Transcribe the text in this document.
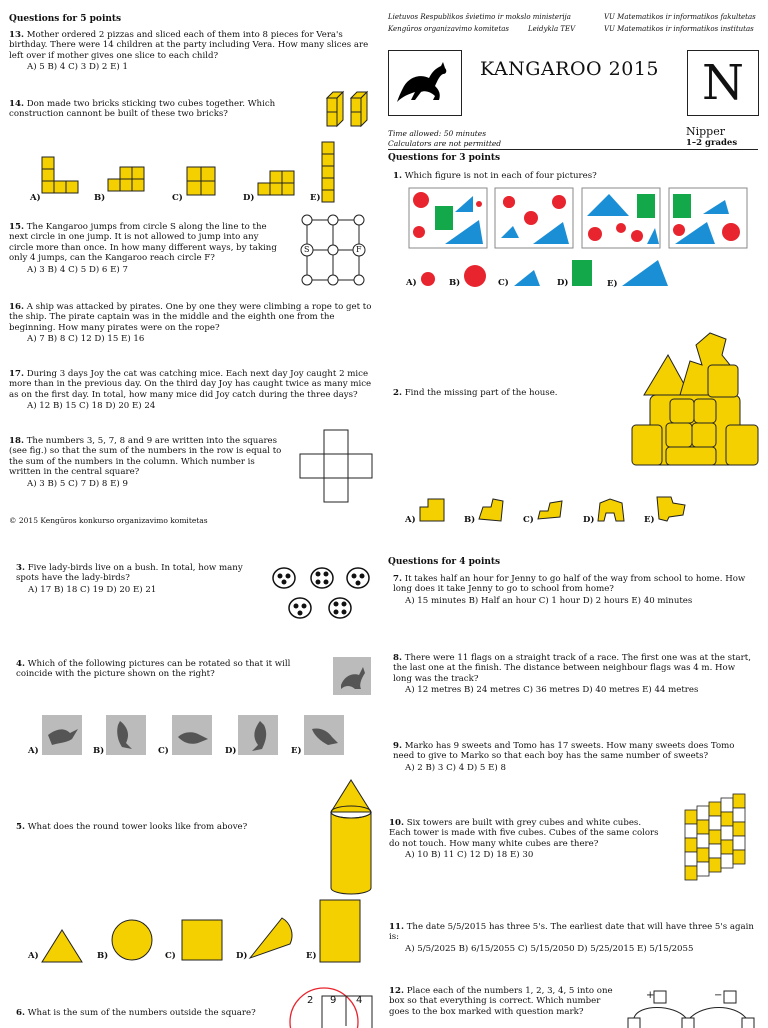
Questions for 5 points
13. Mother ordered 2 pizzas and sliced each of them into 8 pieces for Vera's birthday. There were 14 children at the party including Vera. How many slices are left over if mother gives one slice to each child?
A) 5 B) 4 C) 3 D) 2 E) 1
14. Don made two bricks sticking two cubes together. Which construction cannont be built of these two bricks?
A)	B)	C)	D)	E)
15. The Kangaroo jumps from circle S along the line to the next circle in one jump. It is not allowed to jump into any circle more than once. In how many different ways, by taking only 4 jumps, can the Kangaroo reach circle F?
A) 3 B) 4 C) 5 D) 6 E) 7
S	F
16. A ship was attacked by pirates. One by one they were climbing a rope to get to the ship. The pirate captain was in the middle and the eighth one from the beginning. How many pirates were on the rope?
A) 7 B) 8 C) 12 D) 15 E) 16
17. During 3 days Joy the cat was catching mice. Each next day Joy caught 2 mice more than in the previous day. On the third day Joy has caught twice as many mice as on the first day. In total, how many mice did Joy catch during the three days?
A) 12 B) 15 C) 18 D) 20 E) 24
18. The numbers 3, 5, 7, 8 and 9 are written into the squares (see fig.) so that the sum of the numbers in the row is equal to the sum of the numbers in the column. Which number is written in the central square?
A) 3 B) 5 C) 7 D) 8 E) 9
© 2015 Kengūros konkurso organizavimo komitetas
Lietuvos Respublikos švietimo ir mokslo ministerija
Kengūros organizavimo komitetas	Leidykla TEV
VU Matematikos ir informatikos fakultetas
VU Matematikos ir informatikos institutas
KANGAROO 2015 N
Time allowed: 50 minutes
Calculators are not permitted
Nipper
1–2 grades
Questions for 3 points
1. Which figure is not in each of four pictures?
A)	B)	C)	D)	E)
2. Find the missing part of the house.
A)	B)	C)	D)	E)
Questions for 4 points
7. It takes half an hour for Jenny to go half of the way from school to home. How long does it take Jenny to go to school from home?
A) 15 minutes B) Half an hour C) 1 hour D) 2 hours E) 40 minutes
8. There were 11 flags on a straight track of a race. The first one was at the start, the last one at the finish. The distance between neighbour flags was 4 m. How long was the track?
A) 12 metres B) 24 metres C) 36 metres D) 40 metres E) 44 metres
9. Marko has 9 sweets and Tomo has 17 sweets. How many sweets does Tomo need to give to Marko so that each boy has the same number of sweets?
A) 2 B) 3 C) 4 D) 5 E) 8
10. Six towers are built with grey cubes and white cubes. Each tower is made with five cubes. Cubes of the same colors do not touch. How many white cubes are there?
A) 10 B) 11 C) 12 D) 18 E) 30
11. The date 5/5/2015 has three 5's. The earliest date that will have three 5's again is:
A) 5/5/2025 B) 6/15/2055 C) 5/15/2050 D) 5/25/2015 E) 5/15/2055
12. Place each of the numbers 1, 2, 3, 4, 5 into one box so that everything is correct. Which number goes to the box marked with question mark?
+	−
3. Five lady-birds live on a bush. In total, how many spots have the lady-birds?
A) 17 B) 18 C) 19 D) 20 E) 21
4. Which of the following pictures can be rotated so that it will coincide with the picture shown on the right?
A)	B)	C)	D)	E)
5. What does the round tower looks like from above?
A)	B)	C)	D)	E)
6. What is the sum of the numbers outside the square?
2 9 4
